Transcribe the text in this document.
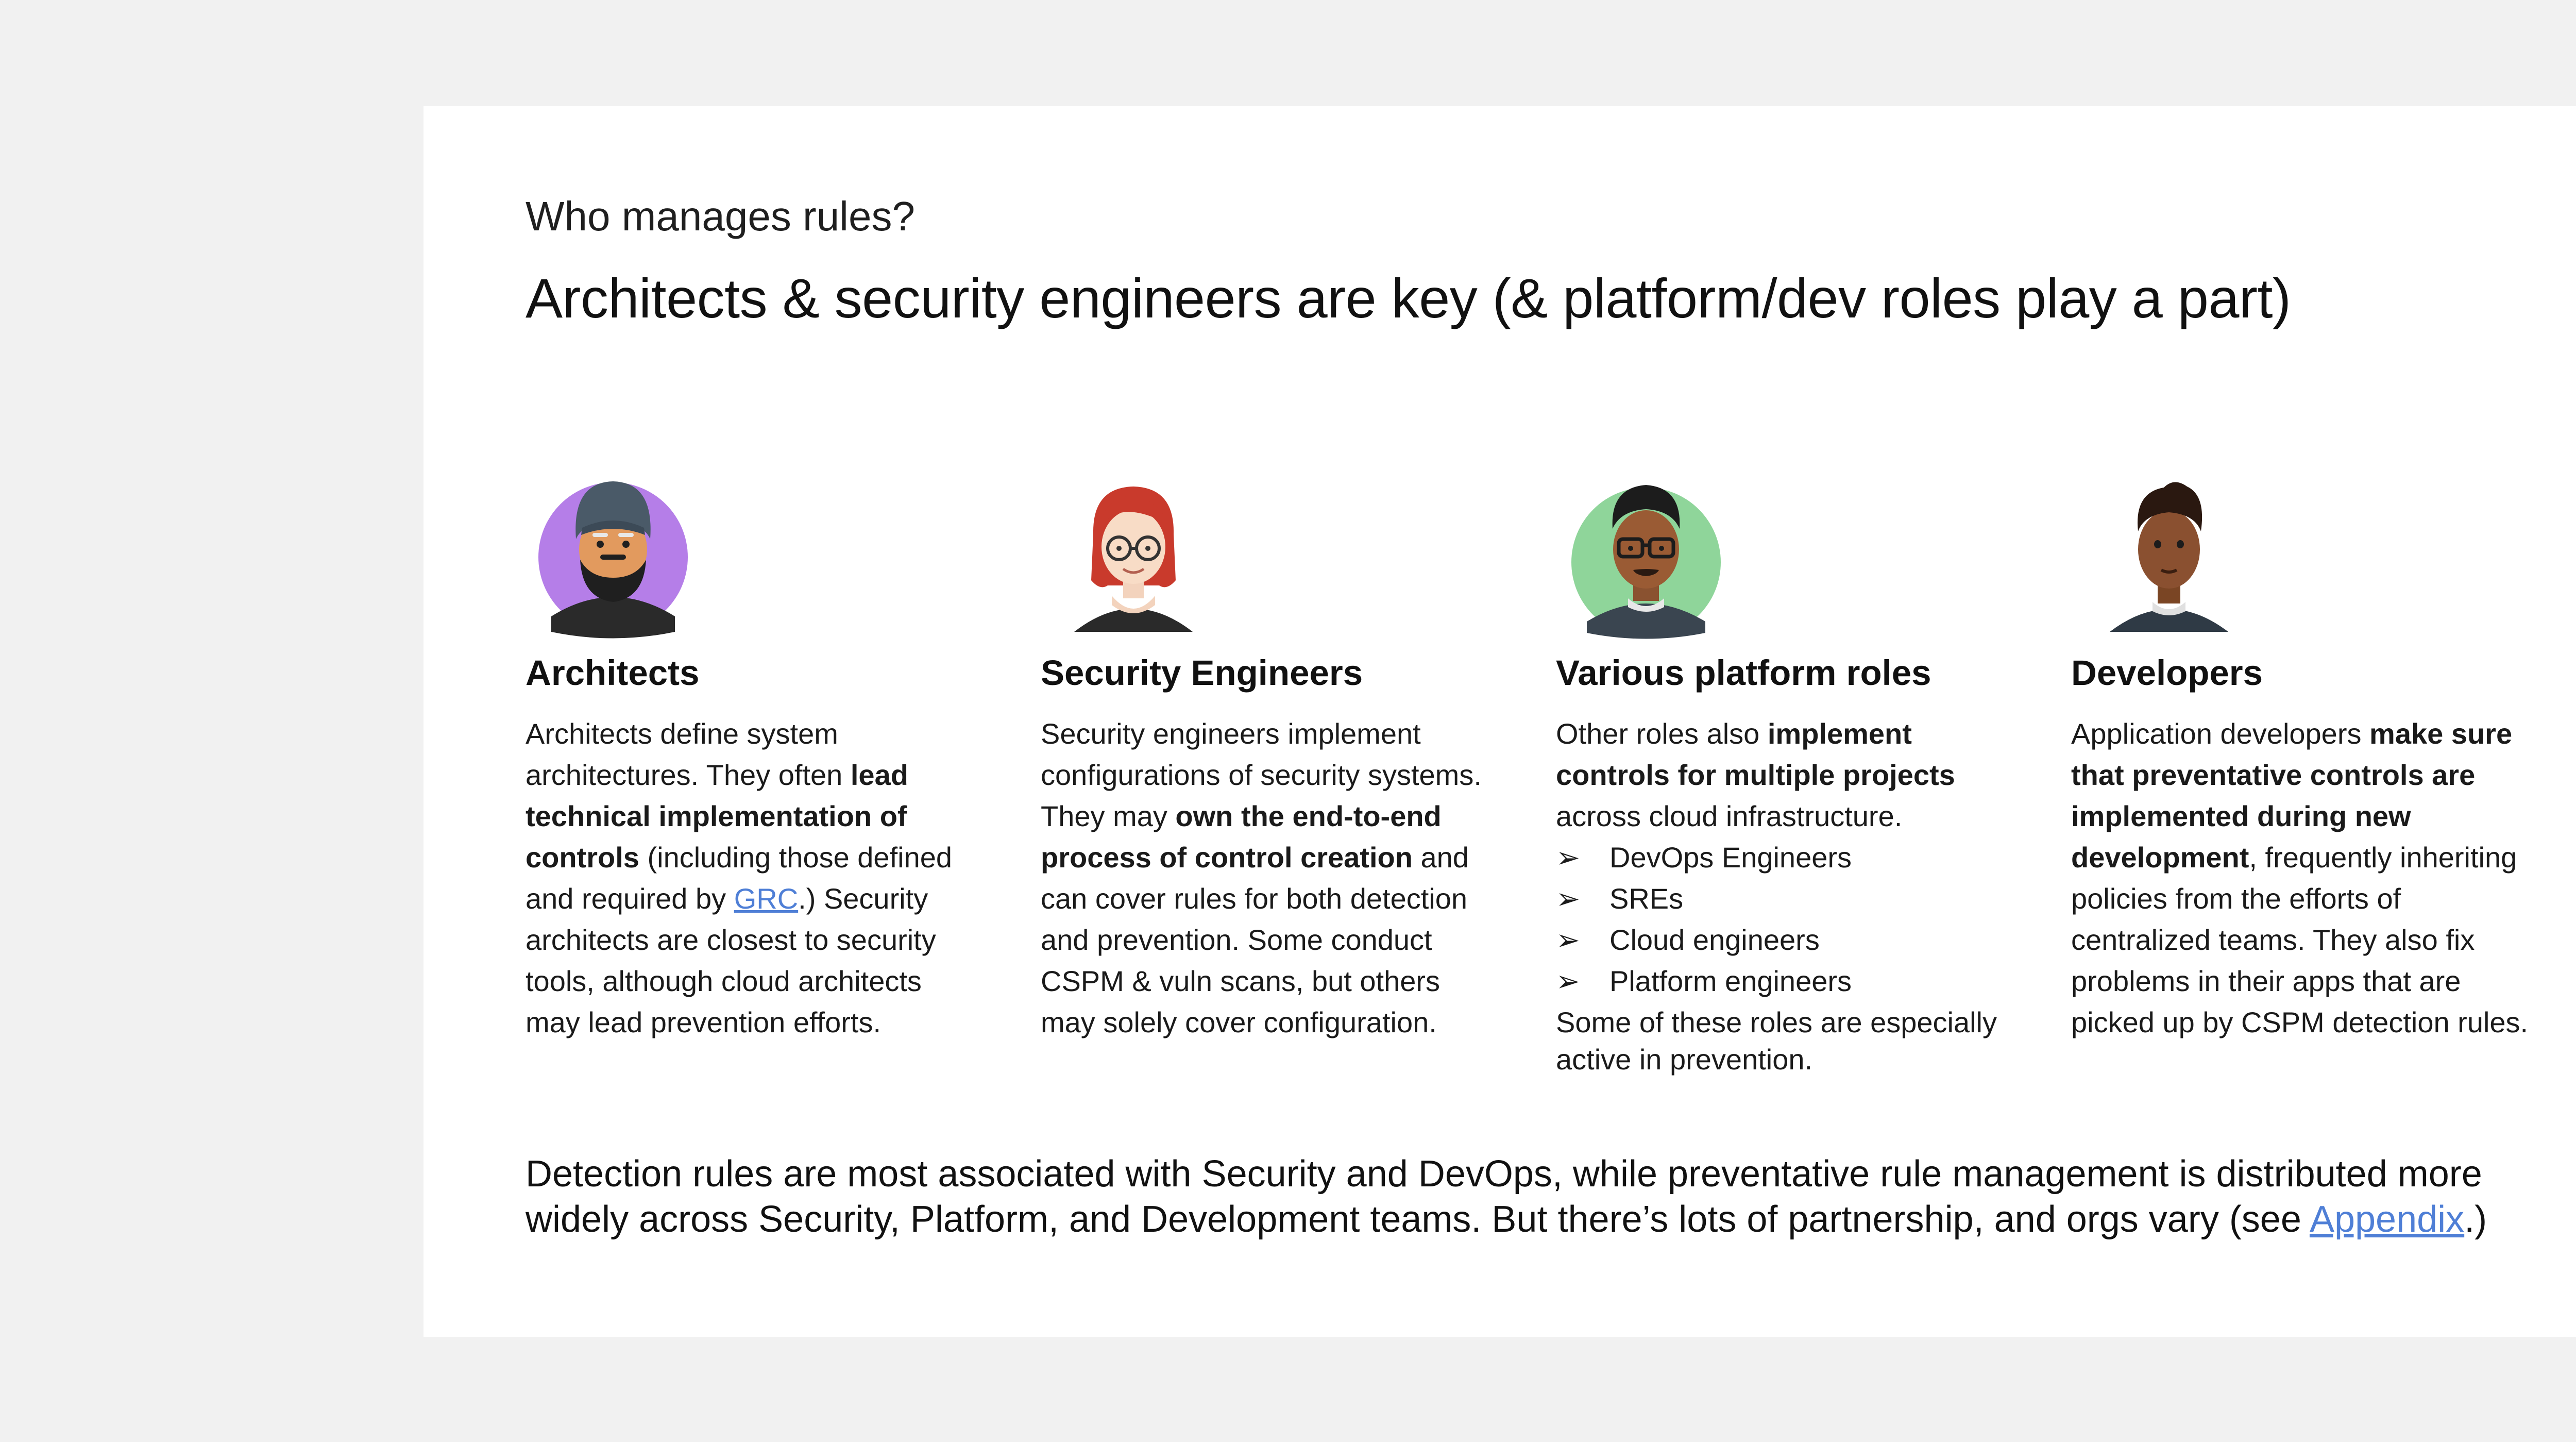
Who manages rules?
Architects & security engineers are key (& platform/dev roles play a part)
Architects
Architects define system architectures. They often lead technical implementation of controls (including those defined and required by GRC.) Security architects are closest to security tools, although cloud architects may lead prevention efforts.
Security Engineers
Security engineers implement configurations of security systems. They may own the end-to-end process of control creation and can cover rules for both detection and prevention. Some conduct CSPM & vuln scans, but others may solely cover configuration.
Various platform roles

Other roles also implement controls for multiple projects across cloud infrastructure.

➢ DevOps Engineers
➢ SREs
➢ Cloud engineers
➢ Platform engineers

Some of these roles are especially active in prevention.

Developers
Application developers make sure that preventative controls are implemented during new development, frequently inheriting policies from the efforts of centralized teams. They also fix problems in their apps that are picked up by CSPM detection rules.
Detection rules are most associated with Security and DevOps, while preventative rule management is distributed more widely across Security, Platform, and Development teams. But there’s lots of partnership, and orgs vary (see Appendix.)
